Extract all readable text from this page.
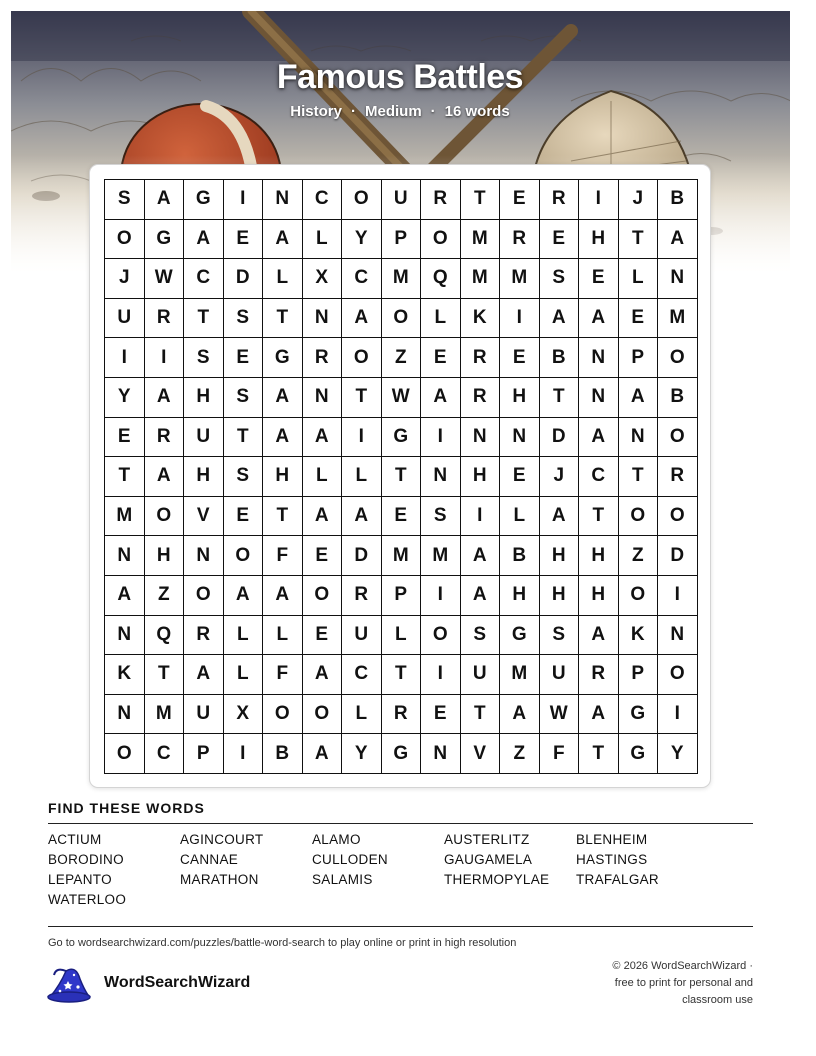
Famous Battles
History · Medium · 16 words
S	A	G	I	N	C	O	U	R	T	E	R	I	J	B
O	G	A	E	A	L	Y	P	O	M	R	E	H	T	A
J	W	C	D	L	X	C	M	Q	M	M	S	E	L	N
U	R	T	S	T	N	A	O	L	K	I	A	A	E	M
I	I	S	E	G	R	O	Z	E	R	E	B	N	P	O
Y	A	H	S	A	N	T	W	A	R	H	T	N	A	B
E	R	U	T	A	A	I	G	I	N	N	D	A	N	O
T	A	H	S	H	L	L	T	N	H	E	J	C	T	R
M	O	V	E	T	A	A	E	S	I	L	A	T	O	O
N	H	N	O	F	E	D	M	M	A	B	H	H	Z	D
A	Z	O	A	A	O	R	P	I	A	H	H	H	O	I
N	Q	R	L	L	E	U	L	O	S	G	S	A	K	N
K	T	A	L	F	A	C	T	I	U	M	U	R	P	O
N	M	U	X	O	O	L	R	E	T	A	W	A	G	I
O	C	P	I	B	A	Y	G	N	V	Z	F	T	G	Y
FIND THESE WORDS
ACTIUM	AGINCOURT	ALAMO	AUSTERLITZ	BLENHEIM
BORODINO	CANNAE	CULLODEN	GAUGAMELA	HASTINGS
LEPANTO	MARATHON	SALAMIS	THERMOPYLAE	TRAFALGAR
WATERLOO
Go to wordsearchwizard.com/puzzles/battle-word-search to play online or print in high resolution
WordSearchWizard
© 2026 WordSearchWizard ·
free to print for personal and
classroom use
